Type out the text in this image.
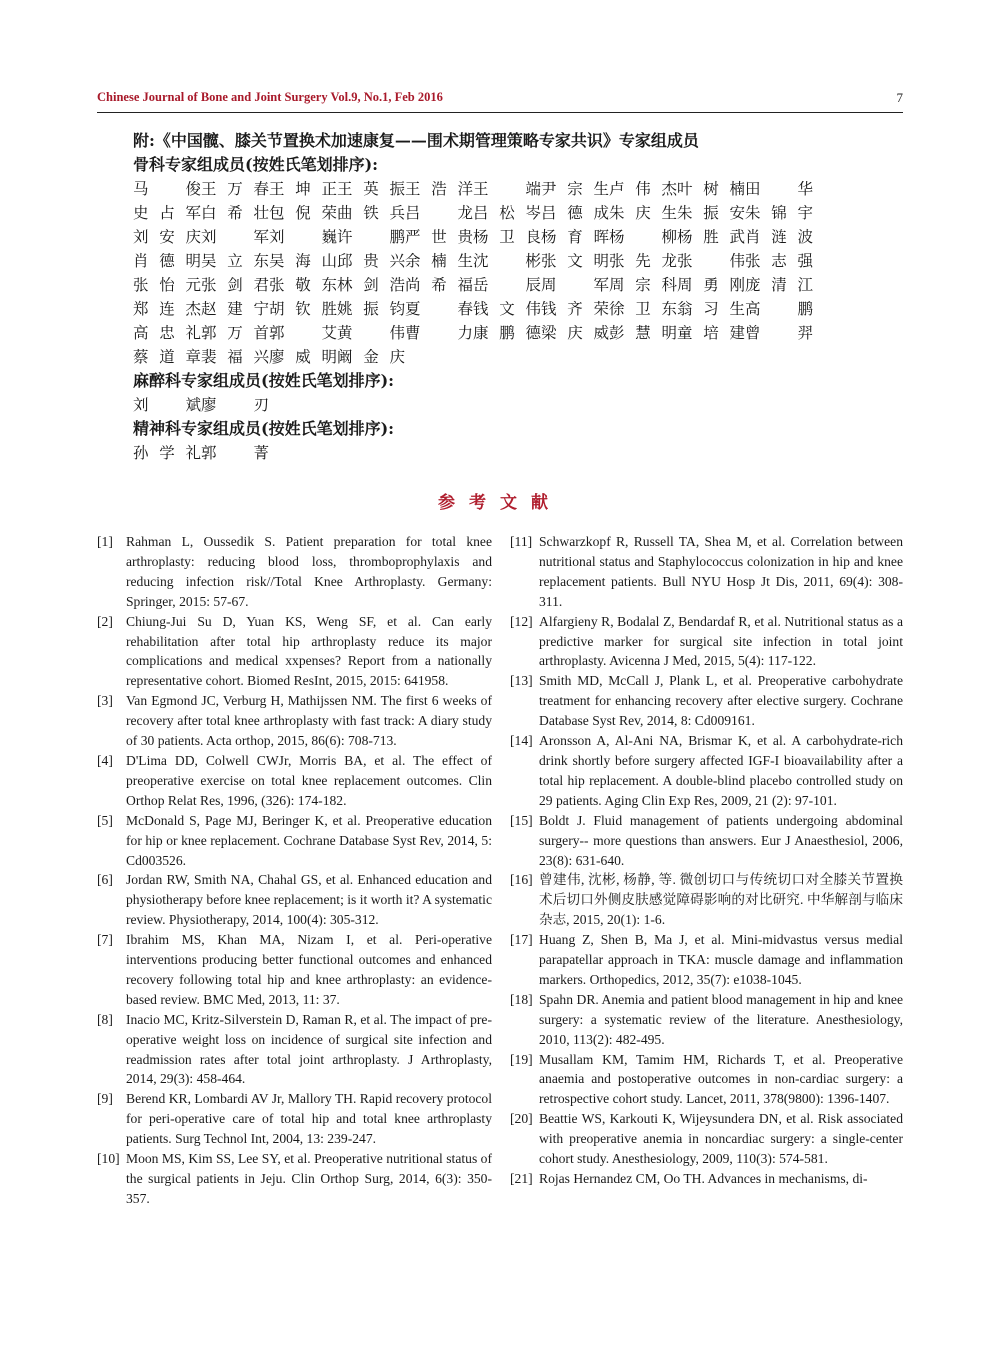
Chinese Journal of Bone and Joint Surgery Vol.9, No.1, Feb 2016	7
附:《中国髋、膝关节置换术加速康复——围术期管理策略专家共识》专家组成员
骨科专家组成员(按姓氏笔划排序):
马 俊 王万春 王坤正 王英振 王浩洋 王 端 尹宗生 卢伟杰 叶树楠 田 华
史占军 白希壮 包倪荣 曲铁兵 吕 龙 吕松岑 吕德成 朱庆生 朱振安 朱锦宇
刘安庆 刘 军 刘 巍 许 鹏 严世贵 杨卫良 杨育晖 杨 柳 杨胜武 肖涟波
肖德明 吴立东 吴海山 邱贵兴 余楠生 沈 彬 张文明 张先龙 张 伟 张志强
张怡元 张剑君 张敬东 林剑浩 尚希福 岳 辰 周 军 周宗科 周勇刚 庞清江
郑连杰 赵建宁 胡钦胜 姚振钧 夏 春 钱文伟 钱齐荣 徐卫东 翁习生 高 鹏
高忠礼 郭万首 郭 艾 黄 伟 曹 力 康鹏德 梁庆威 彭慧明 童培建 曾 羿
蔡道章 裴福兴 廖威明 阚金庆
麻醉科专家组成员(按姓氏笔划排序):
刘 斌 廖 刃
精神科专家组成员(按姓氏笔划排序):
孙学礼 郭 菁
参考文献
[1] Rahman L, Oussedik S. Patient preparation for total knee arthroplasty: reducing blood loss, thromboprophylaxis and reducing infection risk//Total Knee Arthroplasty. Germany: Springer, 2015: 57-67.
[2] Chiung-Jui Su D, Yuan KS, Weng SF, et al. Can early rehabilitation after total hip arthroplasty reduce its major complications and medical xxpenses? Report from a nationally representative cohort. Biomed ResInt, 2015, 2015: 641958.
[3] Van Egmond JC, Verburg H, Mathijssen NM. The first 6 weeks of recovery after total knee arthroplasty with fast track: A diary study of 30 patients. Acta orthop, 2015, 86(6): 708-713.
[4] D'Lima DD, Colwell CWJr, Morris BA, et al. The effect of preoperative exercise on total knee replacement outcomes. Clin Orthop Relat Res, 1996, (326): 174-182.
[5] McDonald S, Page MJ, Beringer K, et al. Preoperative education for hip or knee replacement. Cochrane Database Syst Rev, 2014, 5: Cd003526.
[6] Jordan RW, Smith NA, Chahal GS, et al. Enhanced education and physiotherapy before knee replacement; is it worth it? A systematic review. Physiotherapy, 2014, 100(4): 305-312.
[7] Ibrahim MS, Khan MA, Nizam I, et al. Peri-operative interventions producing better functional outcomes and enhanced recovery following total hip and knee arthroplasty: an evidence-based review. BMC Med, 2013, 11: 37.
[8] Inacio MC, Kritz-Silverstein D, Raman R, et al. The impact of pre-operative weight loss on incidence of surgical site infection and readmission rates after total joint arthroplasty. J Arthroplasty, 2014, 29(3): 458-464.
[9] Berend KR, Lombardi AV Jr, Mallory TH. Rapid recovery protocol for peri-operative care of total hip and total knee arthroplasty patients. Surg Technol Int, 2004, 13: 239-247.
[10] Moon MS, Kim SS, Lee SY, et al. Preoperative nutritional status of the surgical patients in Jeju. Clin Orthop Surg, 2014, 6(3): 350-357.
[11] Schwarzkopf R, Russell TA, Shea M, et al. Correlation between nutritional status and Staphylococcus colonization in hip and knee replacement patients. Bull NYU Hosp Jt Dis, 2011, 69(4): 308-311.
[12] Alfargieny R, Bodalal Z, Bendardaf R, et al. Nutritional status as a predictive marker for surgical site infection in total joint arthroplasty. Avicenna J Med, 2015, 5(4): 117-122.
[13] Smith MD, McCall J, Plank L, et al. Preoperative carbohydrate treatment for enhancing recovery after elective surgery. Cochrane Database Syst Rev, 2014, 8: Cd009161.
[14] Aronsson A, Al-Ani NA, Brismar K, et al. A carbohydrate-rich drink shortly before surgery affected IGF-I bioavailability after a total hip replacement. A double-blind placebo controlled study on 29 patients. Aging Clin Exp Res, 2009, 21 (2): 97-101.
[15] Boldt J. Fluid management of patients undergoing abdominal surgery-- more questions than answers. Eur J Anaesthesiol, 2006, 23(8): 631-640.
[16] 曾建伟, 沈彬, 杨静, 等. 微创切口与传统切口对全膝关节置换术后切口外侧皮肤感觉障碍影响的对比研究. 中华解剖与临床杂志, 2015, 20(1): 1-6.
[17] Huang Z, Shen B, Ma J, et al. Mini-midvastus versus medial parapatellar approach in TKA: muscle damage and inflammation markers. Orthopedics, 2012, 35(7): e1038-1045.
[18] Spahn DR. Anemia and patient blood management in hip and knee surgery: a systematic review of the literature. Anesthesiology, 2010, 113(2): 482-495.
[19] Musallam KM, Tamim HM, Richards T, et al. Preoperative anaemia and postoperative outcomes in non-cardiac surgery: a retrospective cohort study. Lancet, 2011, 378(9800): 1396-1407.
[20] Beattie WS, Karkouti K, Wijeysundera DN, et al. Risk associated with preoperative anemia in noncardiac surgery: a single-center cohort study. Anesthesiology, 2009, 110(3): 574-581.
[21] Rojas Hernandez CM, Oo TH. Advances in mechanisms, di-
